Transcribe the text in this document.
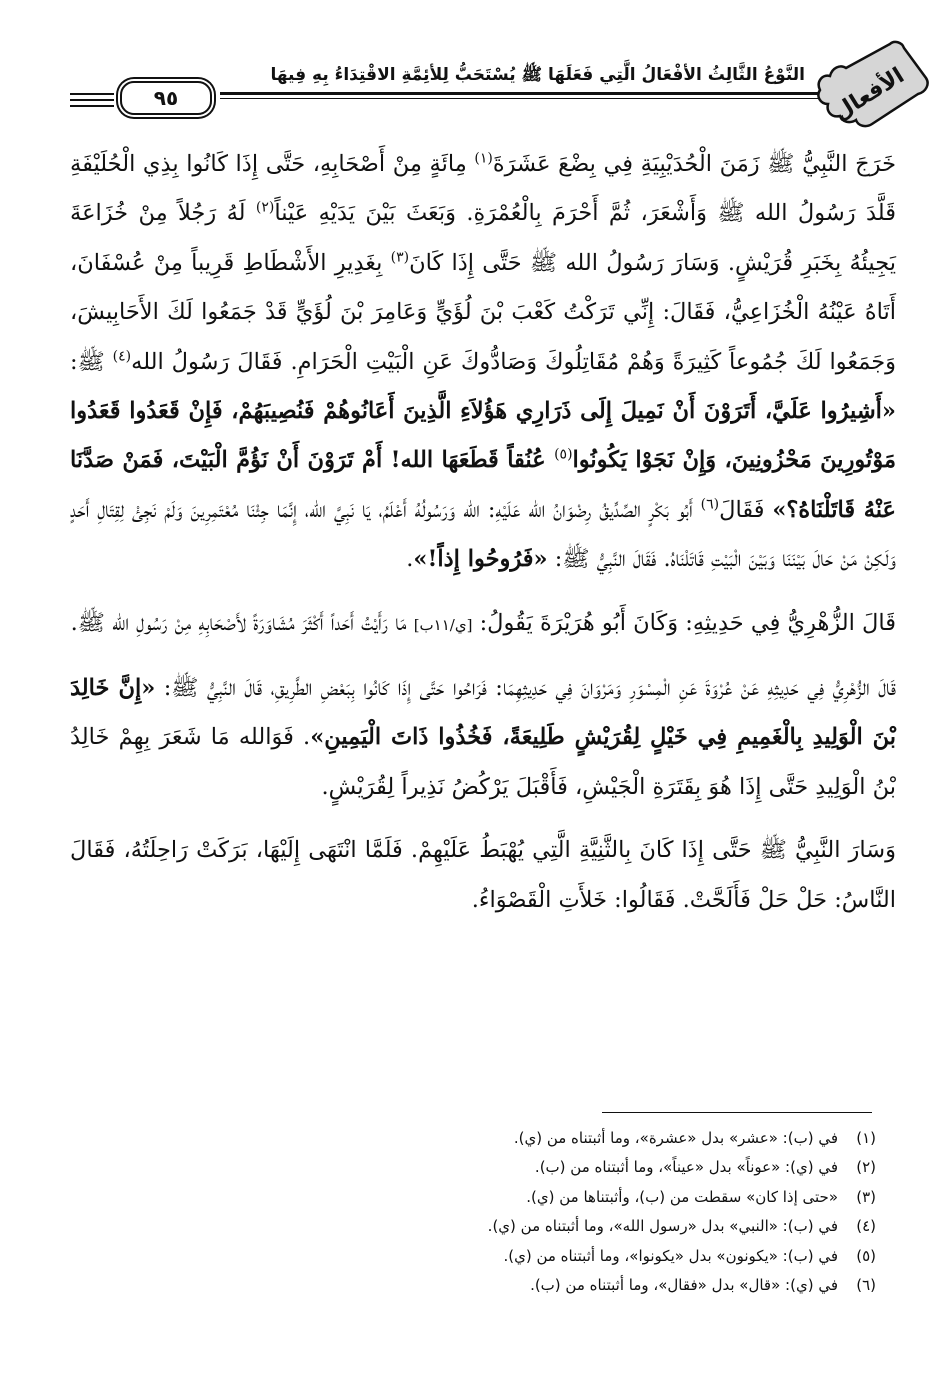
الأفعال
النَّوْعُ الثَّالِثُ الأفْعَالُ الَّتِي فَعَلَهَا ﷺ يُسْتَحَبُّ لِلأئِمَّةِ الاقْتِدَاءُ بِهِ فِيهَا
٩٥

خَرَجَ النَّبِيُّ ﷺ زَمَنَ الْحُدَيْبِيَةِ فِي بِضْعَ عَشَرَةَ$^{(١)}$ مِائَةٍ مِنْ أَصْحَابِهِ، حَتَّى إِذَا كَانُوا بِذِي الْحُلَيْفَةِ قَلَّدَ رَسُولُ الله ﷺ وَأَشْعَرَ، ثُمَّ أَحْرَمَ بِالْعُمْرَةِ. وَبَعَثَ بَيْنَ يَدَيْهِ عَيْناً$^{(٢)}$ لَهُ رَجُلاً مِنْ خُزَاعَةَ يَجِيئُهُ بِخَبَرِ قُرَيْشٍ. وَسَارَ رَسُولُ الله ﷺ حَتَّى إِذَا كَانَ$^{(٣)}$ بِغَدِيرِ الأَشْطَاطِ قَرِيباً مِنْ عُسْفَانَ، أَتَاهُ عَيْنُهُ الْخُزَاعِيُّ، فَقَالَ: إِنِّي تَرَكْتُ كَعْبَ بْنَ لُؤَيٍّ وَعَامِرَ بْنَ لُؤَيٍّ قَدْ جَمَعُوا لَكَ الأَحَابِيشَ، وَجَمَعُوا لَكَ جُمُوعاً كَثِيرَةً وَهُمْ مُقَاتِلُوكَ وَصَادُّوكَ عَنِ الْبَيْتِ الْحَرَامِ. فَقَالَ رَسُولُ الله$^{(٤)}$ ﷺ: «أَشِيرُوا عَلَيَّ، أَتَرَوْنَ أَنْ نَمِيلَ إِلَى ذَرَارِي هَؤُلاَءِ الَّذِينَ أَعَانُوهُمْ فَنُصِيبَهُمْ، فَإِنْ قَعَدُوا قَعَدُوا مَوْتُورِينَ مَحْزُونِينَ، وَإِنْ نَجَوْا يَكُونُوا$^{(٥)}$ عُنُقاً قَطَعَهَا الله! أَمْ تَرَوْنَ أَنْ نَؤُمَّ الْبَيْتَ، فَمَنْ صَدَّنَا عَنْهُ قَاتَلْنَاهُ؟» فَقَالَ$^{(٦)}$ أَبُو بَكْرٍ الصِّدِّيقُ رِضْوَانُ الله عَلَيْهِ: الله وَرَسُولُهُ أَعْلَمُ، يَا نَبِيَّ الله، إِنَّمَا جِئْنَا مُعْتَمِرِينَ وَلَمْ نَجِئْ لِقِتَالِ أَحَدٍ وَلَكِنْ مَنْ حَالَ بَيْنَنَا وَبَيْنَ الْبَيْتِ قَاتَلْنَاهُ. فَقَالَ النَّبِيُّ ﷺ: «فَرُوحُوا إِذاً!».

قَالَ الزُّهْرِيُّ فِي حَدِيثِهِ: وَكَانَ أَبُو هُرَيْرَةَ يَقُولُ: [ي/١١ب] مَا رَأَيْتُ أَحَداً أَكْثَرَ مُشَاوَرَةً لأَصْحَابِهِ مِنْ رَسُولِ الله ﷺ.

قَالَ الزُّهْرِيُّ فِي حَدِيثِهِ عَنْ عُرْوَةَ عَنِ الْمِسْوَرِ وَمَرْوَانَ فِي حَدِيثِهِمَا: فَرَاحُوا حَتَّى إِذَا كَانُوا بِبَعْضِ الطَّرِيقِ، قَالَ النَّبِيُّ ﷺ: «إِنَّ خَالِدَ بْنَ الْوَلِيدِ بِالْغَمِيمِ فِي خَيْلٍ لِقُرَيْشٍ طَلِيعَةً، فَخُذُوا ذَاتَ الْيَمِينِ». فَوَالله مَا شَعَرَ بِهِمْ خَالِدُ بْنُ الْوَلِيدِ حَتَّى إِذَا هُوَ بِقَتَرَةِ الْجَيْشِ، فَأَقْبَلَ يَرْكُضُ نَذِيراً لِقُرَيْشٍ.

وَسَارَ النَّبِيُّ ﷺ حَتَّى إِذَا كَانَ بِالثَّنِيَّةِ الَّتِي يُهْبَطُ عَلَيْهِمْ. فَلَمَّا انْتَهَى إِلَيْهَا، بَرَكَتْ رَاحِلَتُهُ، فَقَالَ النَّاسُ: حَلْ حَلْ فَأَلَحَّتْ. فَقَالُوا: خَلأَتِ الْقَصْوَاءُ.

(١)في (ب): «عشر» بدل «عشرة»، وما أثبتناه من (ي).
(٢)في (ي): «عوناً» بدل «عيناً»، وما أثبتناه من (ب).
(٣)«حتى إذا كان» سقطت من (ب)، وأثبتناها من (ي).
(٤)في (ب): «النبي» بدل «رسول الله»، وما أثبتناه من (ي).
(٥)في (ب): «يكونون» بدل «يكونوا»، وما أثبتناه من (ي).
(٦)في (ي): «قال» بدل «فقال»، وما أثبتناه من (ب).
